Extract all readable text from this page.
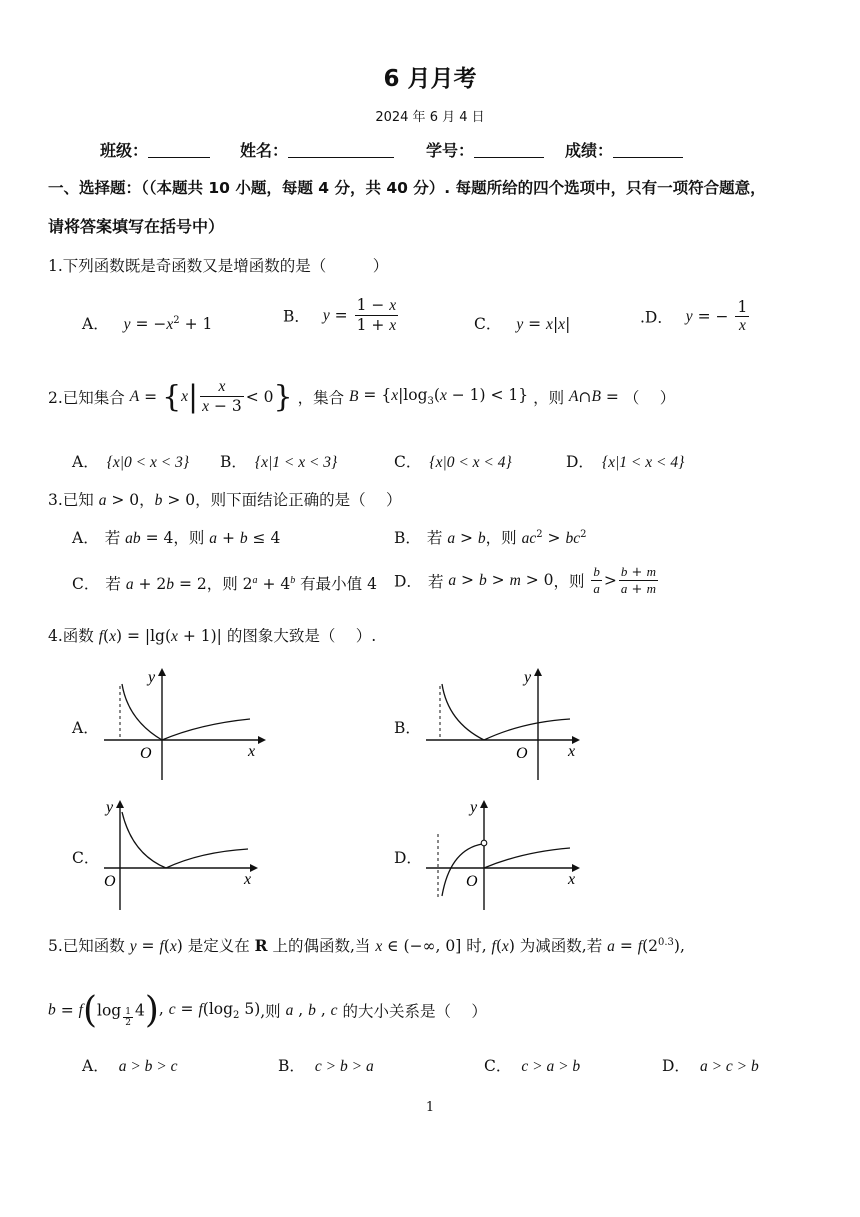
6 月月考
2024 年 6 月 4 日
班级：	姓名：	学号：	成绩：
一、选择题：（（本题共 10 小题，每题 4 分，共 40 分）. 每题所给的四个选项中，只有一项符合题意，
请将答案填写在括号中）
1.下列函数既是奇函数又是增函数的是（　　　）
A． $y = -x^2 + 1$	B． $y = \frac{1 - x}{1 + x}$	C． y = x|x|	.D． y = − $\frac{1}{x}$
2.已知集合 $A = \{x| \frac{x}{x - 3} < 0\}$ ，集合 $B = \{x|\log_3(x - 1) < 1\}$ ，则 A∩B = （　 ）
A． {x|0 < x < 3} B． {x|1 < x < 3}	C． {x|0 < x < 4}	D． {x|1 < x < 4}
3.已知 a > 0，b > 0，则下面结论正确的是（　 ）
A． 若 ab = 4，则 a + b ≤ 4	B． 若 a > b，则 $ac^2 > bc^2$
C． 若 a + 2b = 2，则 $2^a + 4^b$ 有最小值 4 D． 若 a > b > m > 0，则 $\frac{b}{a} > \frac{b + m}{a + m}$
4.函数 f(x) = |lg(x + 1)| 的图象大致是（　 ）.
A．	B．
C．	D．
y
x
O
y
x
O
y
x
O
y
x
O
5.已知函数 y = f(x) 是定义在 R 上的偶函数,当 x ∈ (−∞, 0] 时, f(x) 为减函数,若 $a = f(2^{0.3})$,
$b = f(\log \frac{1}{2} 4)$, $c = f(\log_2$ 5),则 a , b , c 的大小关系是（　 ）
A． a > b > c	B． c > b > a	C． c > a > b	D． a > c > b
1
